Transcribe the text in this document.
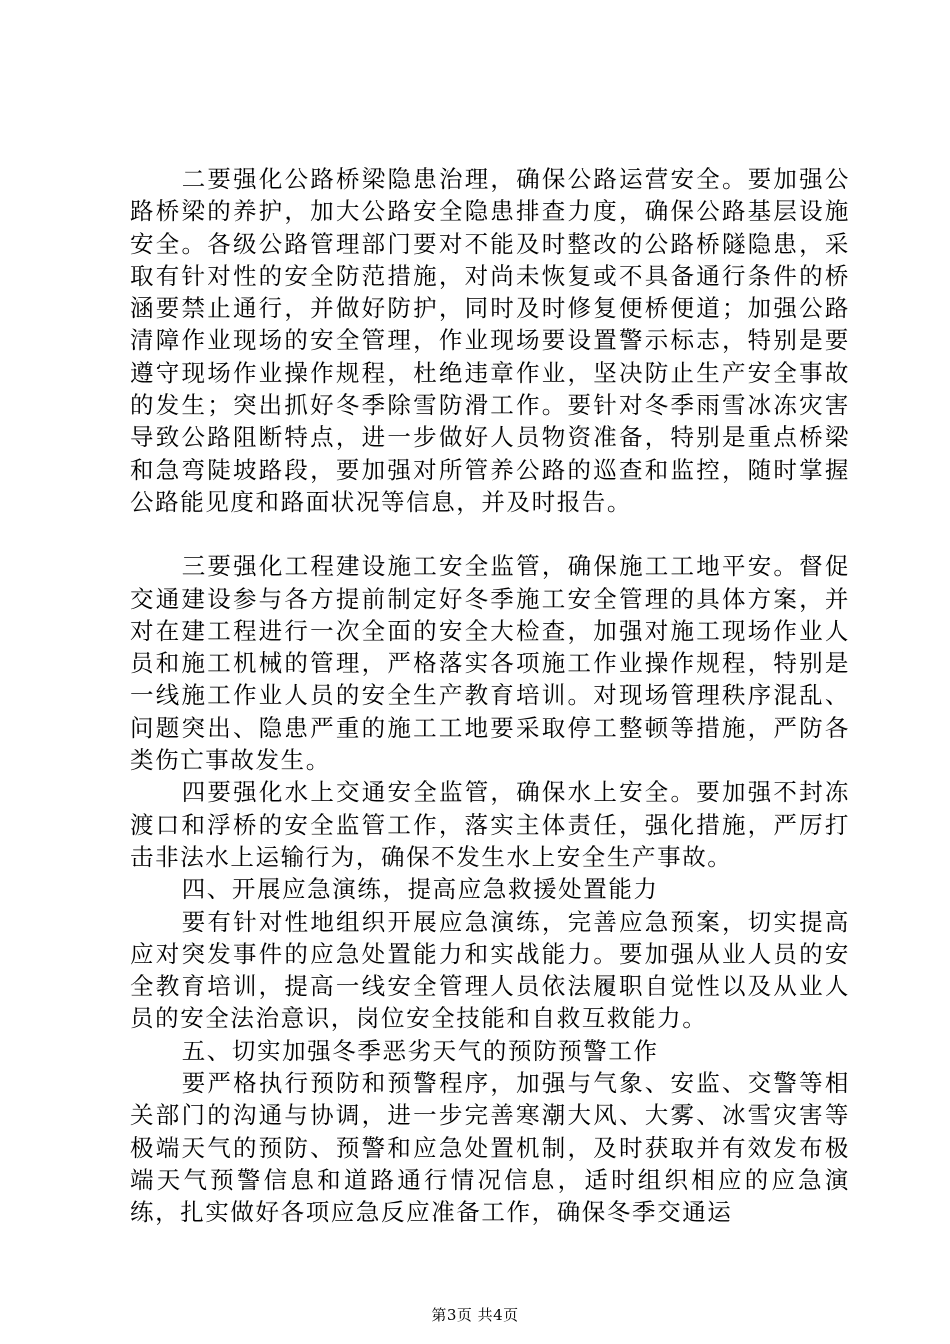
二要强化公路桥梁隐患治理，确保公路运营安全。要加强公路桥梁的养护，加大公路安全隐患排查力度，确保公路基层设施安全。各级公路管理部门要对不能及时整改的公路桥隧隐患，采取有针对性的安全防范措施，对尚未恢复或不具备通行条件的桥涵要禁止通行，并做好防护，同时及时修复便桥便道；加强公路清障作业现场的安全管理，作业现场要设置警示标志，特别是要遵守现场作业操作规程，杜绝违章作业，坚决防止生产安全事故的发生；突出抓好冬季除雪防滑工作。要针对冬季雨雪冰冻灾害导致公路阻断特点，进一步做好人员物资准备，特别是重点桥梁和急弯陡坡路段，要加强对所管养公路的巡查和监控，随时掌握公路能见度和路面状况等信息，并及时报告。

三要强化工程建设施工安全监管，确保施工工地平安。督促交通建设参与各方提前制定好冬季施工安全管理的具体方案，并对在建工程进行一次全面的安全大检查，加强对施工现场作业人员和施工机械的管理，严格落实各项施工作业操作规程，特别是一线施工作业人员的安全生产教育培训。对现场管理秩序混乱、问题突出、隐患严重的施工工地要采取停工整顿等措施，严防各类伤亡事故发生。

四要强化水上交通安全监管，确保水上安全。要加强不封冻渡口和浮桥的安全监管工作，落实主体责任，强化措施，严厉打击非法水上运输行为，确保不发生水上安全生产事故。

四、开展应急演练，提高应急救援处置能力

要有针对性地组织开展应急演练，完善应急预案，切实提高应对突发事件的应急处置能力和实战能力。要加强从业人员的安全教育培训，提高一线安全管理人员依法履职自觉性以及从业人员的安全法治意识，岗位安全技能和自救互救能力。

五、切实加强冬季恶劣天气的预防预警工作

要严格执行预防和预警程序，加强与气象、安监、交警等相关部门的沟通与协调，进一步完善寒潮大风、大雾、冰雪灾害等极端天气的预防、预警和应急处置机制，及时获取并有效发布极端天气预警信息和道路通行情况信息，适时组织相应的应急演练，扎实做好各项应急反应准备工作，确保冬季交通运

第3页 共4页
